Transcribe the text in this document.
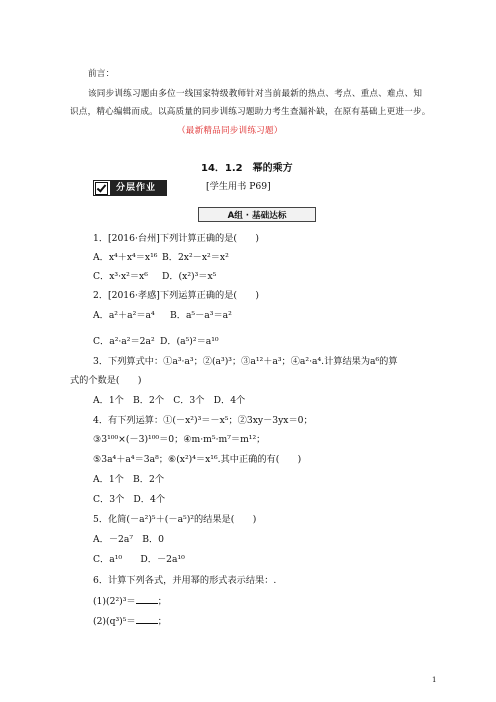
前言：
该同步训练习题由多位一线国家特级教师针对当前最新的热点、考点、重点、难点、知
识点，精心编辑而成。以高质量的同步训练习题助力考生查漏补缺，在原有基础上更进一步。
（最新精品同步训练习题）
14．1.2　幂的乘方
分层作业	[学生用书 P69]
A组 · 基础达标
1．[2016·台州]下列计算正确的是(　　)
A．x⁴＋x⁴＝x¹⁶ B．2x²－x²＝x²
C．x³·x²＝x⁶ D．(x²)³＝x⁵
2．[2016·孝感]下列运算正确的是(　　)
A．a²＋a²＝a⁴ B．a⁵－a³＝a²
C．a²·a²＝2a² D．(a⁵)²＝a¹⁰
3．下列算式中：①a³·a³；②(a³)³；③a¹²＋a³；④a²·a⁴.计算结果为a⁶的算
式的个数是(　　)
A．1个　B．2个　C．3个　D．4个
4．有下列运算：①(－x²)³＝－x⁵；②3xy－3yx＝0；
③3¹⁰⁰×(－3)¹⁰⁰＝0；④m·m⁵·m⁷＝m¹²；
⑤3a⁴＋a⁴＝3a⁸；⑥(x²)⁴＝x¹⁶.其中正确的有(　　)
A．1个　B．2个
C．3个　D．4个
5．化简(－a²)⁵＋(－a⁵)²的结果是(　　)
A．－2a⁷　B．0
C．a¹⁰　　D．－2a¹⁰
6．计算下列各式，并用幂的形式表示结果：.
(1)(2²)³＝ ；
(2)(q³)⁵＝ ；
1
